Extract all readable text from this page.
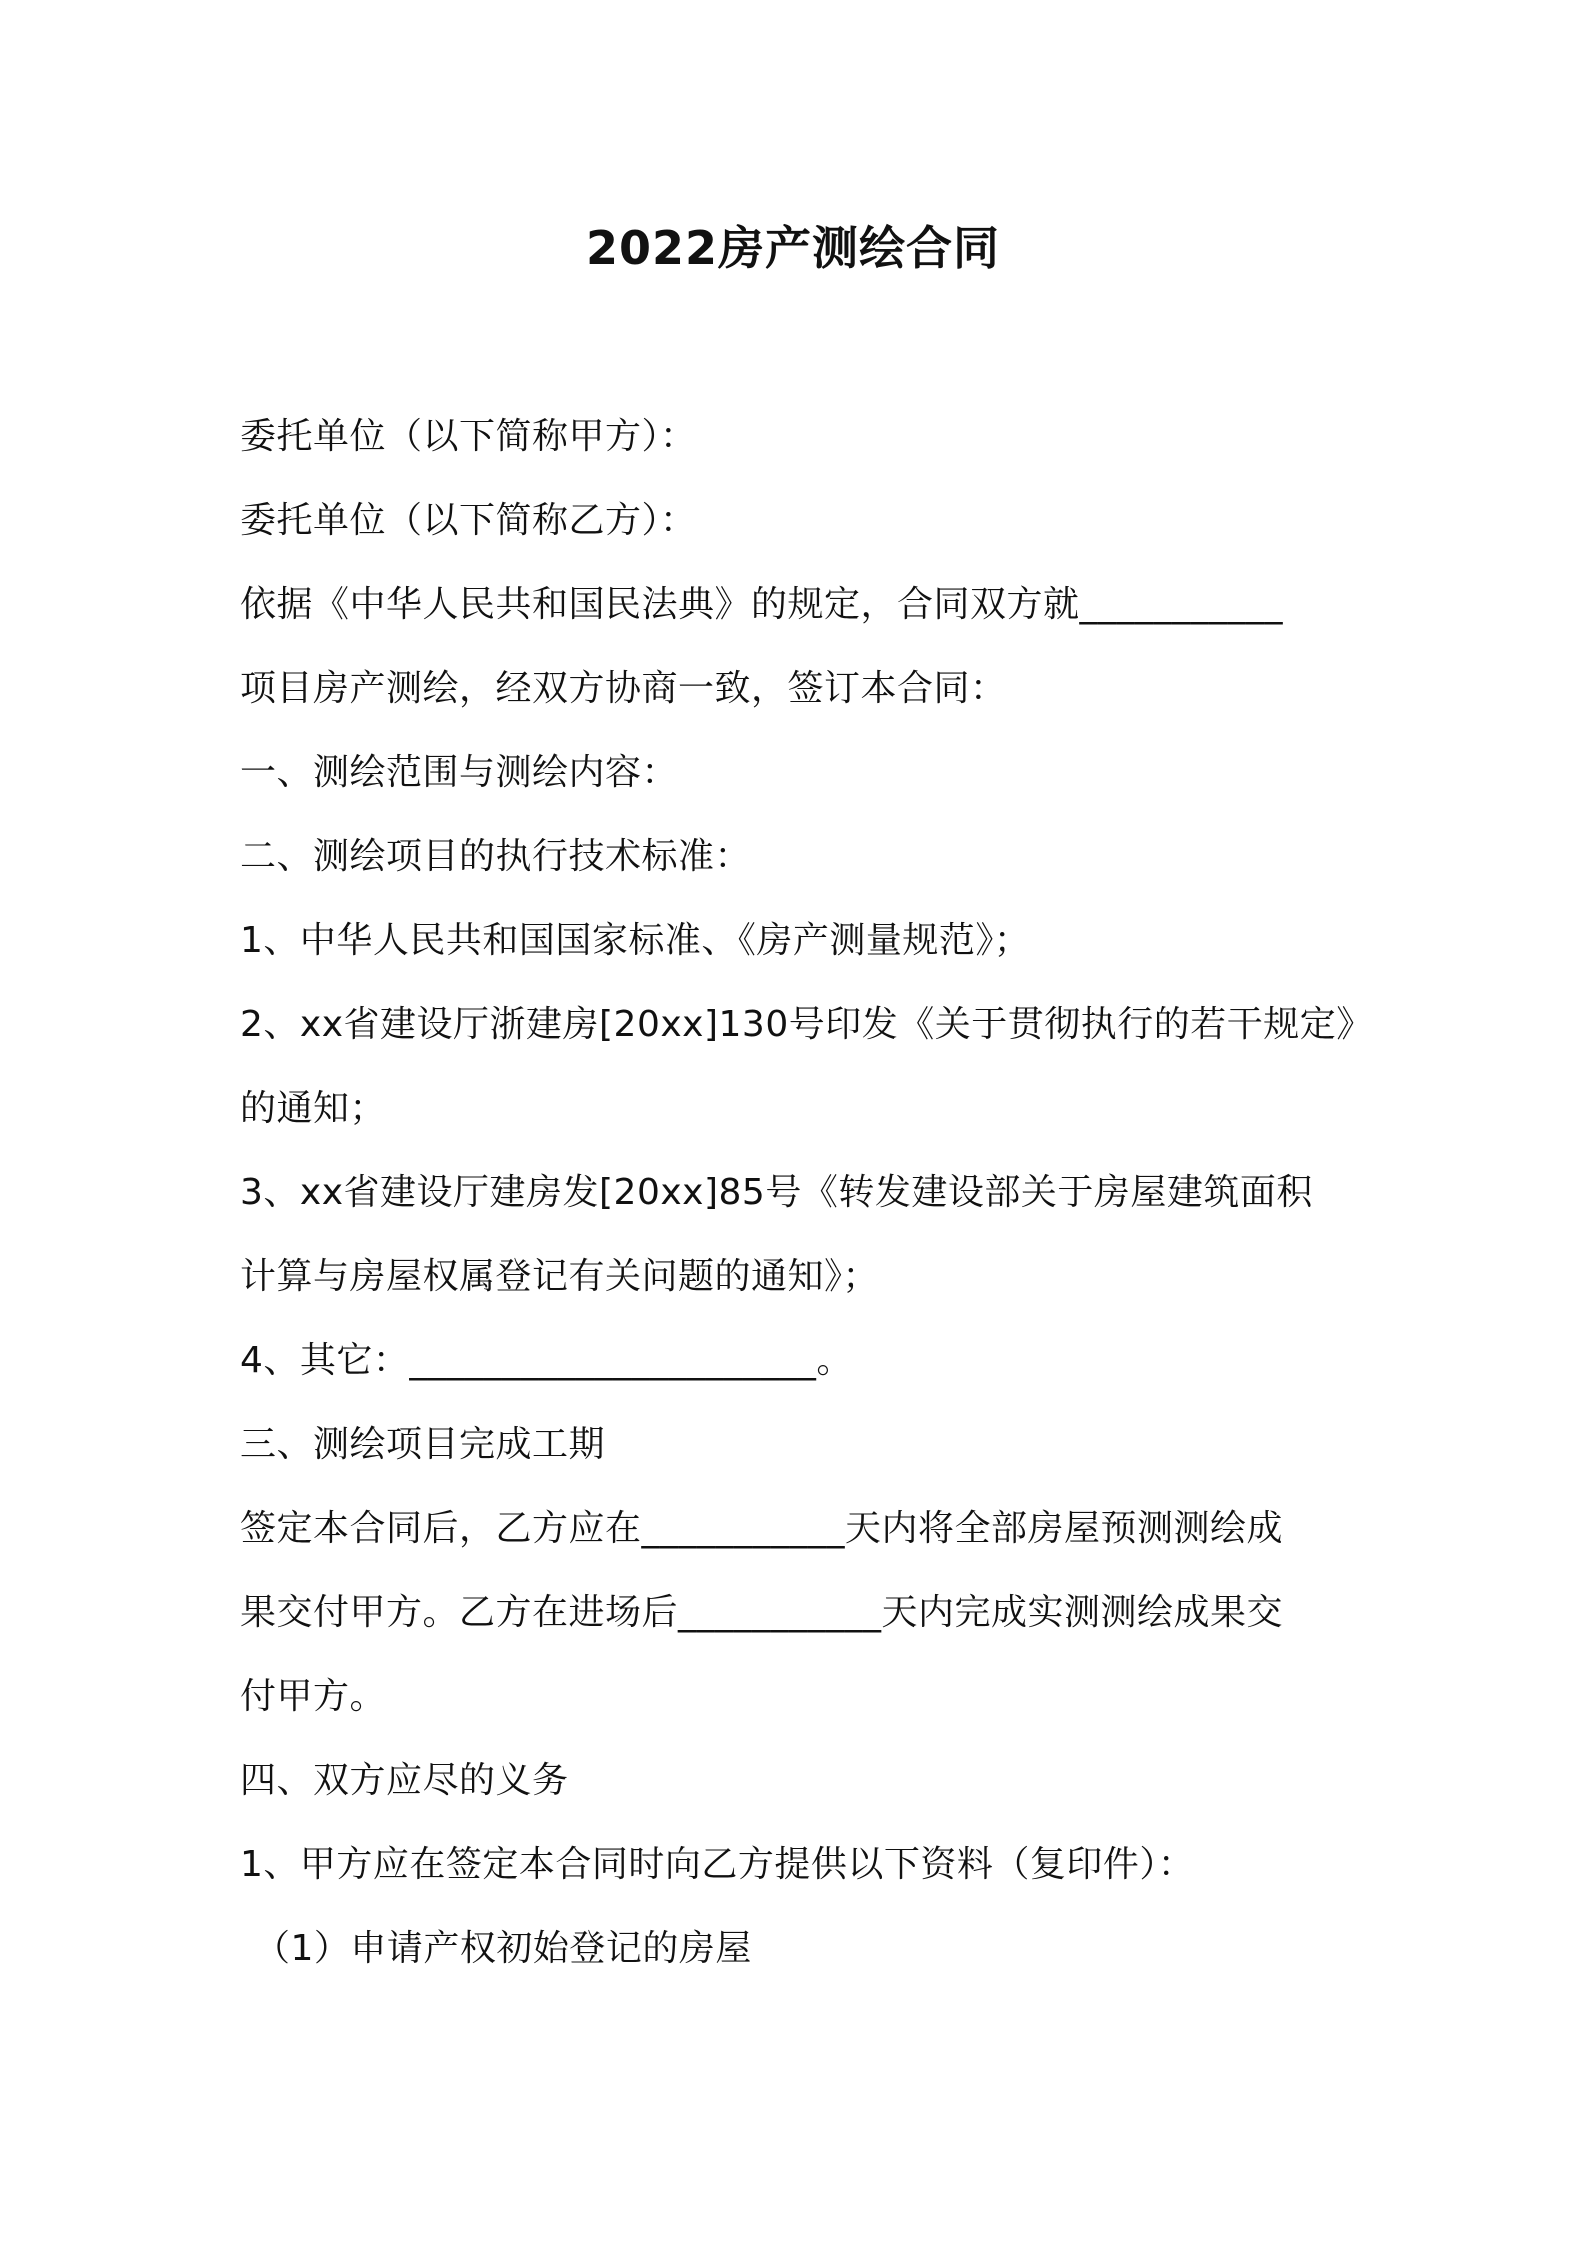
2022房产测绘合同

委托单位（以下简称甲方）：

委托单位（以下简称乙方）：

依据《中华人民共和国民法典》的规定，合同双方就___________

项目房产测绘，经双方协商一致，签订本合同：

一、测绘范围与测绘内容：

二、测绘项目的执行技术标准：

1、中华人民共和国国家标准、《房产测量规范》；

2、xx省建设厅浙建房[20xx]130号印发《关于贯彻执行的若干规定》

的通知；

3、xx省建设厅建房发[20xx]85号《转发建设部关于房屋建筑面积

计算与房屋权属登记有关问题的通知》；

4、其它：______________________。

三、测绘项目完成工期

签定本合同后，乙方应在___________天内将全部房屋预测测绘成

果交付甲方。乙方在进场后___________天内完成实测测绘成果交

付甲方。

四、双方应尽的义务

1、甲方应在签定本合同时向乙方提供以下资料（复印件）：

（1）申请产权初始登记的房屋
